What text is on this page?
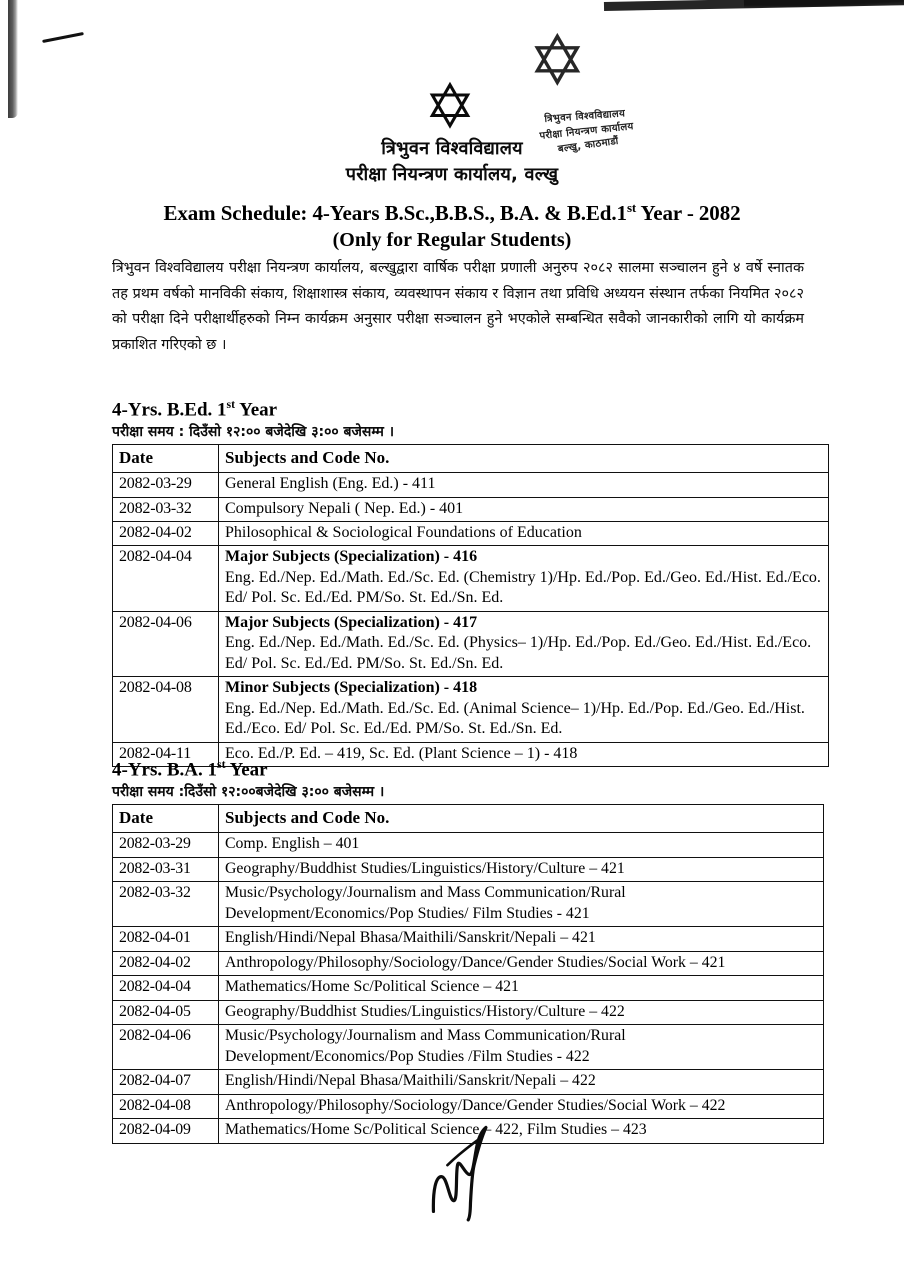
✡
त्रिभुवन विश्वविद्यालय
परीक्षा नियन्त्रण कार्यालय
बल्खु, काठमाडौं
✡
त्रिभुवन विश्वविद्यालय
परीक्षा नियन्त्रण कार्यालय, वल्खु
Exam Schedule: 4-Years B.Sc.,B.B.S., B.A. & B.Ed.1st Year - 2082
(Only for Regular Students)
त्रिभुवन विश्वविद्यालय परीक्षा नियन्त्रण कार्यालय, बल्खुद्वारा वार्षिक परीक्षा प्रणाली अनुरुप २०८२ सालमा सञ्चालन हुने ४ वर्षे स्नातक तह प्रथम वर्षको मानविकी संकाय, शिक्षाशास्त्र संकाय, व्यवस्थापन संकाय र विज्ञान तथा प्रविधि अध्ययन संस्थान तर्फका नियमित २०८२ को परीक्षा दिने परीक्षार्थीहरुको निम्न कार्यक्रम अनुसार परीक्षा सञ्चालन हुने भएकोले सम्बन्धित सवैको जानकारीको लागि यो कार्यक्रम प्रकाशित गरिएको छ ।
4-Yrs. B.Ed. 1st Year
परीक्षा समय : दिउँसो १२:०० बजेदेखि ३:०० बजेसम्म ।
Date	Subjects and Code No.
2082-03-29	General English (Eng. Ed.) - 411

2082-03-32	Compulsory Nepali ( Nep. Ed.) - 401

2082-04-02	Philosophical & Sociological Foundations of Education

2082-04-04	Major Subjects (Specialization) - 416
Eng. Ed./Nep. Ed./Math. Ed./Sc. Ed. (Chemistry 1)/Hp. Ed./Pop. Ed./Geo. Ed./Hist. Ed./Eco. Ed/ Pol. Sc. Ed./Ed. PM/So. St. Ed./Sn. Ed.

2082-04-06	Major Subjects (Specialization) - 417
Eng. Ed./Nep. Ed./Math. Ed./Sc. Ed. (Physics– 1)/Hp. Ed./Pop. Ed./Geo. Ed./Hist. Ed./Eco. Ed/ Pol. Sc. Ed./Ed. PM/So. St. Ed./Sn. Ed.

2082-04-08	Minor Subjects (Specialization) - 418
Eng. Ed./Nep. Ed./Math. Ed./Sc. Ed. (Animal Science– 1)/Hp. Ed./Pop. Ed./Geo. Ed./Hist. Ed./Eco. Ed/ Pol. Sc. Ed./Ed. PM/So. St. Ed./Sn. Ed.

2082-04-11	Eco. Ed./P. Ed. – 419, Sc. Ed. (Plant Science – 1) - 418
4-Yrs. B.A. 1st Year
परीक्षा समय :दिउँसो १२:००बजेदेखि ३:०० बजेसम्म ।
Date	Subjects and Code No.
2082-03-29	Comp. English – 401
2082-03-31	Geography/Buddhist Studies/Linguistics/History/Culture – 421
2082-03-32	Music/Psychology/Journalism and Mass Communication/Rural Development/Economics/Pop Studies/ Film Studies - 421
2082-04-01	English/Hindi/Nepal Bhasa/Maithili/Sanskrit/Nepali – 421
2082-04-02	Anthropology/Philosophy/Sociology/Dance/Gender Studies/Social Work – 421
2082-04-04	Mathematics/Home Sc/Political Science – 421
2082-04-05	Geography/Buddhist Studies/Linguistics/History/Culture – 422
2082-04-06	Music/Psychology/Journalism and Mass Communication/Rural Development/Economics/Pop Studies /Film Studies - 422
2082-04-07	English/Hindi/Nepal Bhasa/Maithili/Sanskrit/Nepali – 422
2082-04-08	Anthropology/Philosophy/Sociology/Dance/Gender Studies/Social Work – 422
2082-04-09	Mathematics/Home Sc/Political Science – 422, Film Studies – 423
